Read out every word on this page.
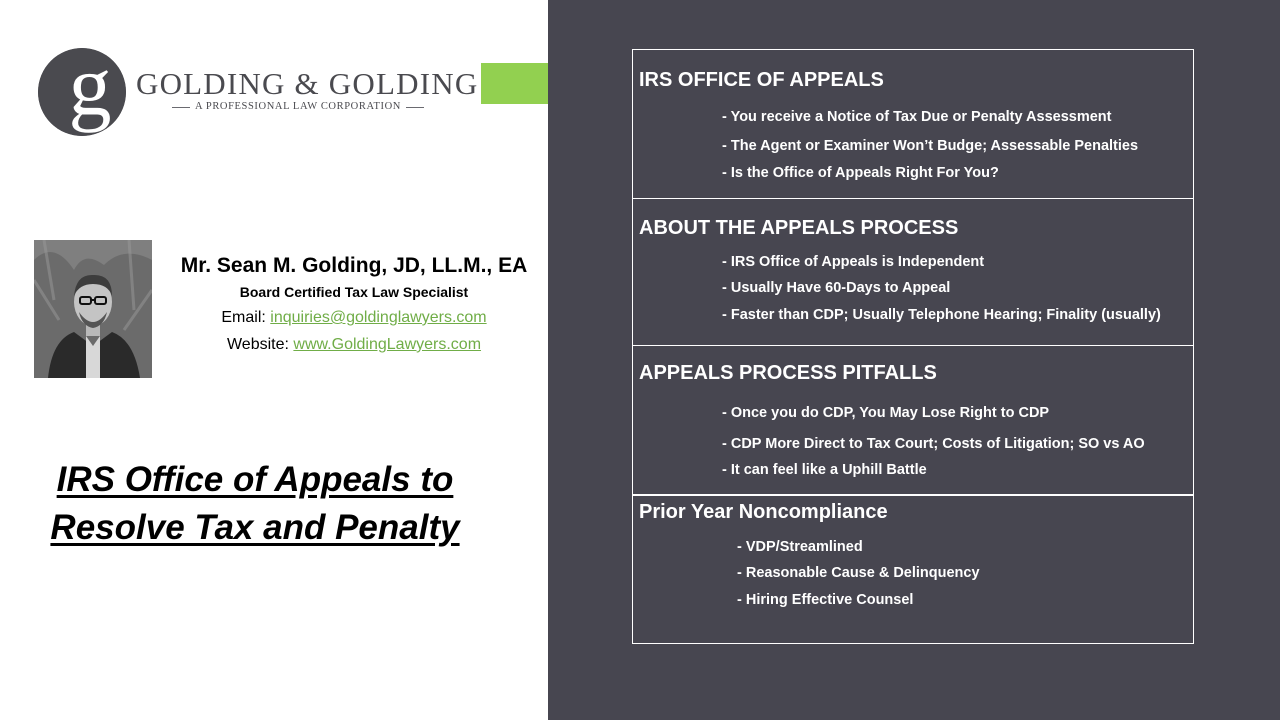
g GOLDING & GOLDING
A PROFESSIONAL LAW CORPORATION
Mr. Sean M. Golding, JD, LL.M., EA
Board Certified Tax Law Specialist
Email: inquiries@goldinglawyers.com
Website: www.GoldingLawyers.com
IRS Office of Appeals to
Resolve Tax and Penalty
IRS OFFICE OF APPEALS
- You receive a Notice of Tax Due or Penalty Assessment
- The Agent or Examiner Won’t Budge; Assessable Penalties
- Is the Office of Appeals Right For You?
ABOUT THE APPEALS PROCESS
- IRS Office of Appeals is Independent
- Usually Have 60-Days to Appeal
- Faster than CDP; Usually Telephone Hearing; Finality (usually)
APPEALS PROCESS PITFALLS
- Once you do CDP, You May Lose Right to CDP
- CDP More Direct to Tax Court; Costs of Litigation; SO vs AO
- It can feel like a Uphill Battle
Prior Year Noncompliance
- VDP/Streamlined
- Reasonable Cause & Delinquency
- Hiring Effective Counsel
